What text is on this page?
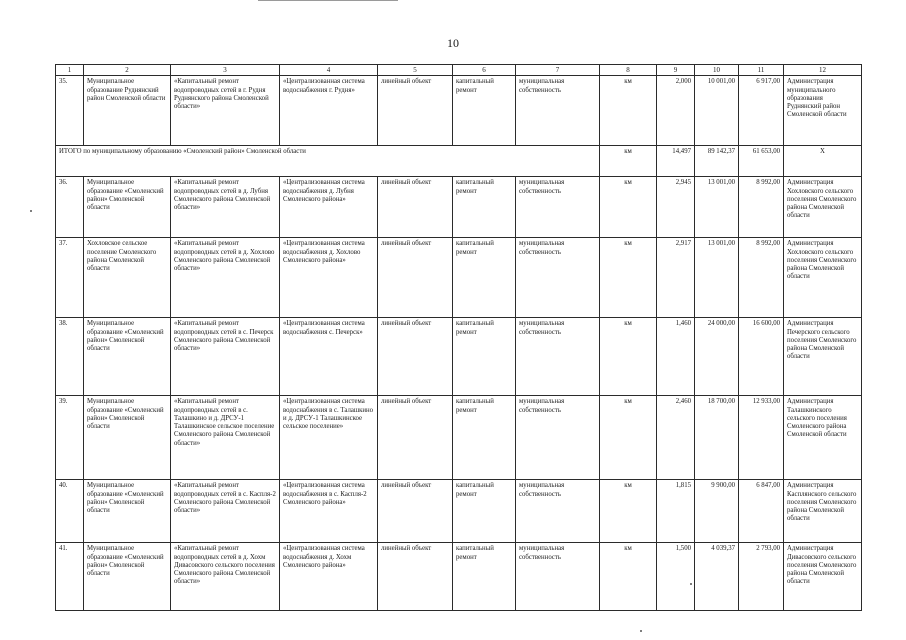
10
1	2	3	4	5	6	7	8	9	10	11	12
35.	Муниципальное образование Руднянский район Смоленской области	«Капитальный ремонт водопроводных сетей в г. Рудня Руднянского района Смоленской области»	«Централизованная система водоснабжения г. Рудня»	линейный объект	капитальный ремонт	муниципальная собственность	км	2,000	10 001,00	6 917,00	Администрация муниципального образования Руднянский район Смоленской области
ИТОГО по муниципальному образованию «Смоленский район» Смоленской области							км	14,497	89 142,37	61 653,00	Х
36.	Муниципальное образование «Смоленский район» Смоленской области	«Капитальный ремонт водопроводных сетей в д. Лубня Смоленского района Смоленской области»	«Централизованная система водоснабжения д. Лубня Смоленского района»	линейный объект	капитальный ремонт	муниципальная собственность	км	2,945	13 001,00	8 992,00	Администрация Хохловского сельского поселения Смоленского района Смоленской области
37.	Хохловское сельское поселение Смоленского района Смоленской области	«Капитальный ремонт водопроводных сетей в д. Хохлово Смоленского района Смоленской области»	«Централизованная система водоснабжения д. Хохлово Смоленского района»	линейный объект	капитальный ремонт	муниципальная собственность	км	2,917	13 001,00	8 992,00	Администрация Хохловского сельского поселения Смоленского района Смоленской области
38.	Муниципальное образование «Смоленский район» Смоленской области	«Капитальный ремонт водопроводных сетей в с. Печерск Смоленского района Смоленской области»	«Централизованная система водоснабжения с. Печерск»	линейный объект	капитальный ремонт	муниципальная собственность	км	1,460	24 000,00	16 600,00	Администрация Печерского сельского поселения Смоленского района Смоленской области
39.	Муниципальное образование «Смоленский район» Смоленской области	«Капитальный ремонт водопроводных сетей в с. Талашкино и д. ДРСУ-1 Талашкинское сельское поселение Смоленского района Смоленской области»	«Централизованная система водоснабжения в с. Талашкино и д. ДРСУ-1 Талашкинское сельское поселение»	линейный объект	капитальный ремонт	муниципальная собственность	км	2,460	18 700,00	12 933,00	Администрация Талашкинского сельского поселения Смоленского района Смоленской области
40.	Муниципальное образование «Смоленский район» Смоленской области	«Капитальный ремонт водопроводных сетей в с. Каспля-2 Смоленского района Смоленской области»	«Централизованная система водоснабжения в с. Каспля-2 Смоленского района»	линейный объект	капитальный ремонт	муниципальная собственность	км	1,815	9 900,00	6 847,00	Администрация Касплянского сельского поселения Смоленского района Смоленской области
41.	Муниципальное образование «Смоленский район» Смоленской области	«Капитальный ремонт водопроводных сетей в д. Хохм Дивасовского сельского поселения Смоленского района Смоленской области»	«Централизованная система водоснабжения д. Хохм Смоленского района»	линейный объект	капитальный ремонт	муниципальная собственность	км	1,500	4 039,37	2 793,00	Администрация Дивасовского сельского поселения Смоленского района Смоленской области
